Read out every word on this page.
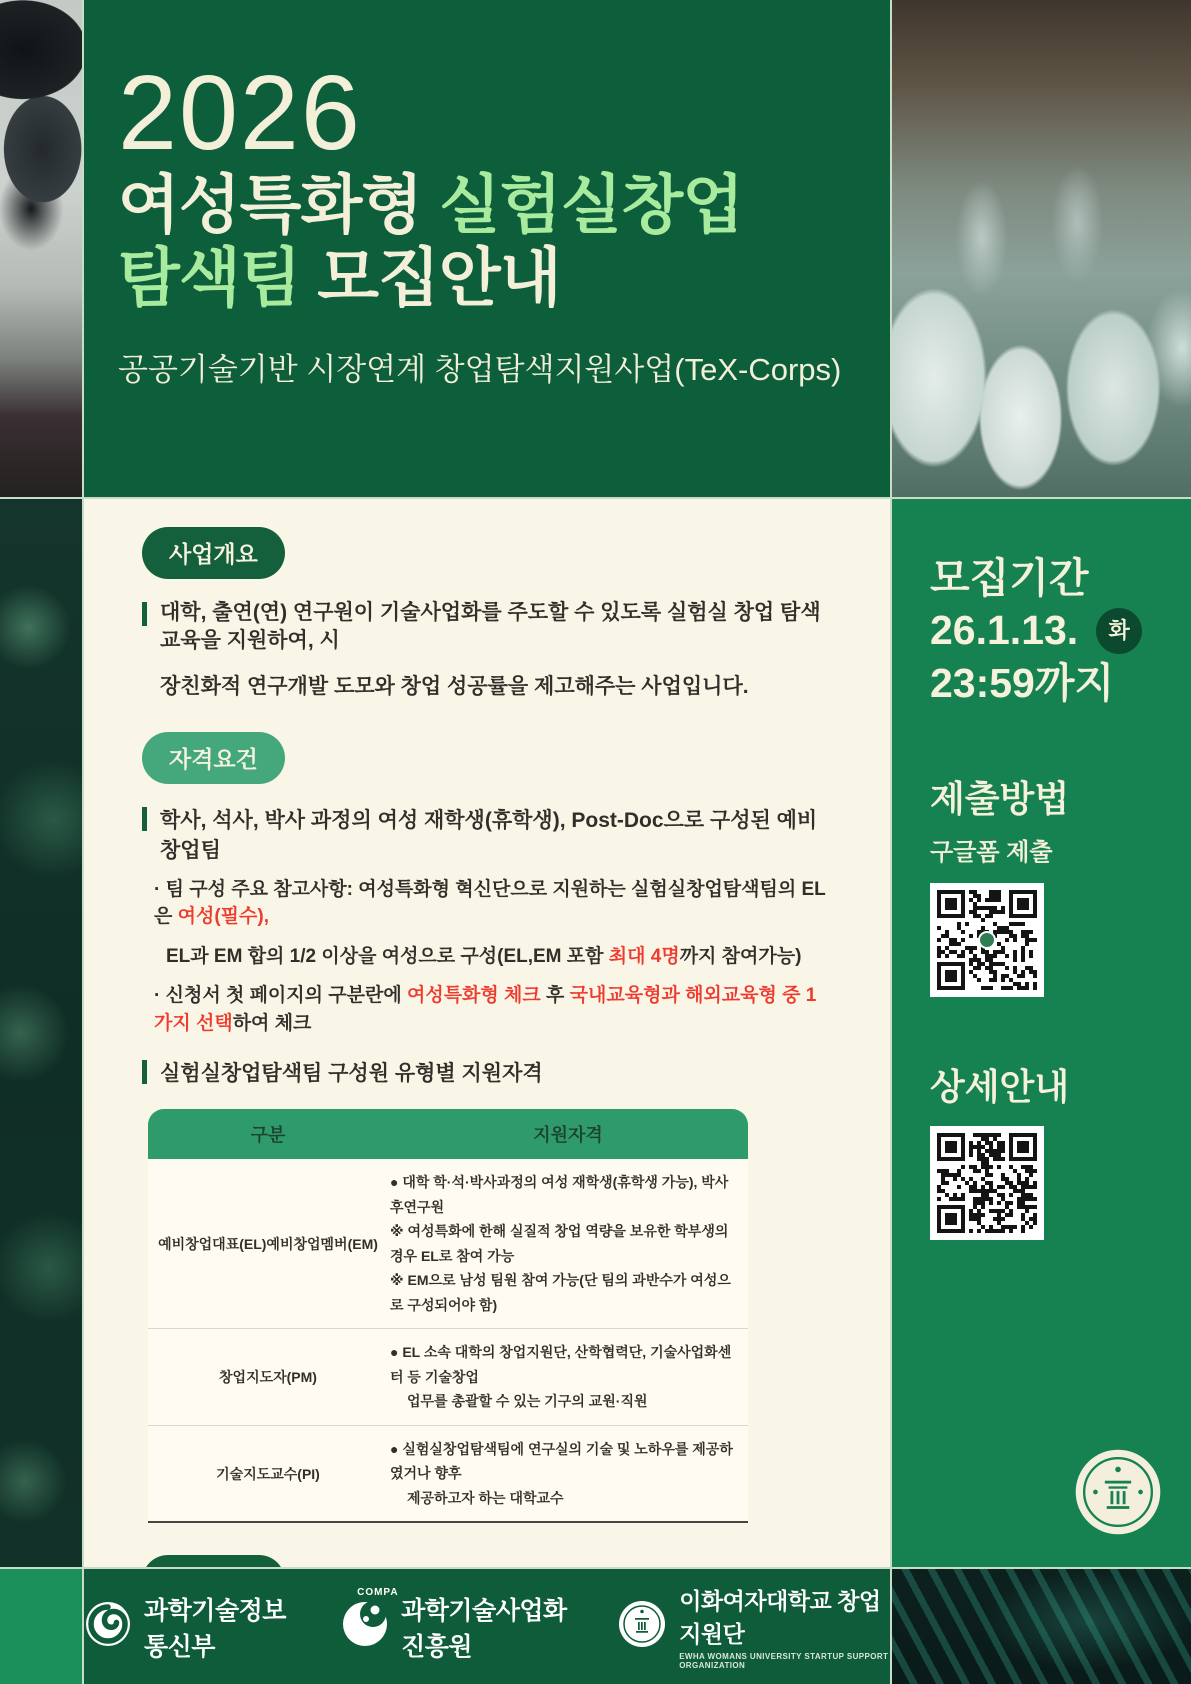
2026
여성특화형 실험실창업
탐색팀 모집안내
공공기술기반 시장연계 창업탐색지원사업(TeX-Corps)
사업개요
대학, 출연(연) 연구원이 기술사업화를 주도할 수 있도록 실험실 창업 탐색교육을 지원하여, 시
장친화적 연구개발 도모와 창업 성공률을 제고해주는 사업입니다.
자격요건
학사, 석사, 박사 과정의 여성 재학생(휴학생), Post-Doc으로 구성된 예비창업팀
· 팀 구성 주요 참고사항: 여성특화형 혁신단으로 지원하는 실험실창업탐색팀의 EL은 여성(필수),
EL과 EM 합의 1/2 이상을 여성으로 구성(EL,EM 포함 최대 4명까지 참여가능)
· 신청서 첫 페이지의 구분란에 여성특화형 체크 후 국내교육형과 해외교육형 중 1가지 선택하여 체크
실험실창업탐색팀 구성원 유형별 지원자격
구분	지원자격
예비창업대표(EL)예비창업멤버(EM)
● 대학 학·석·박사과정의 여성 재학생(휴학생 가능), 박사후연구원
※ 여성특화에 한해 실질적 창업 역량을 보유한 학부생의 경우 EL로 참여 가능
※ EM으로 남성 팀원 참여 가능(단 팀의 과반수가 여성으로 구성되어야 함)
창업지도자(PM)
● EL 소속 대학의 창업지원단, 산학협력단, 기술사업화센터 등 기술창업
업무를 총괄할 수 있는 기구의 교원·직원
기술지도교수(PI)
● 실험실창업탐색팀에 연구실의 기술 및 노하우를 제공하였거나 향후
제공하고자 하는 대학교수
모집기간
26.1.13.	화
23:59까지
제출방법
구글폼 제출
상세안내
과학기술정보통신부
COMPA
과학기술사업화진흥원
이화여자대학교 창업지원단
EWHA WOMANS UNIVERSITY STARTUP SUPPORT ORGANIZATION
